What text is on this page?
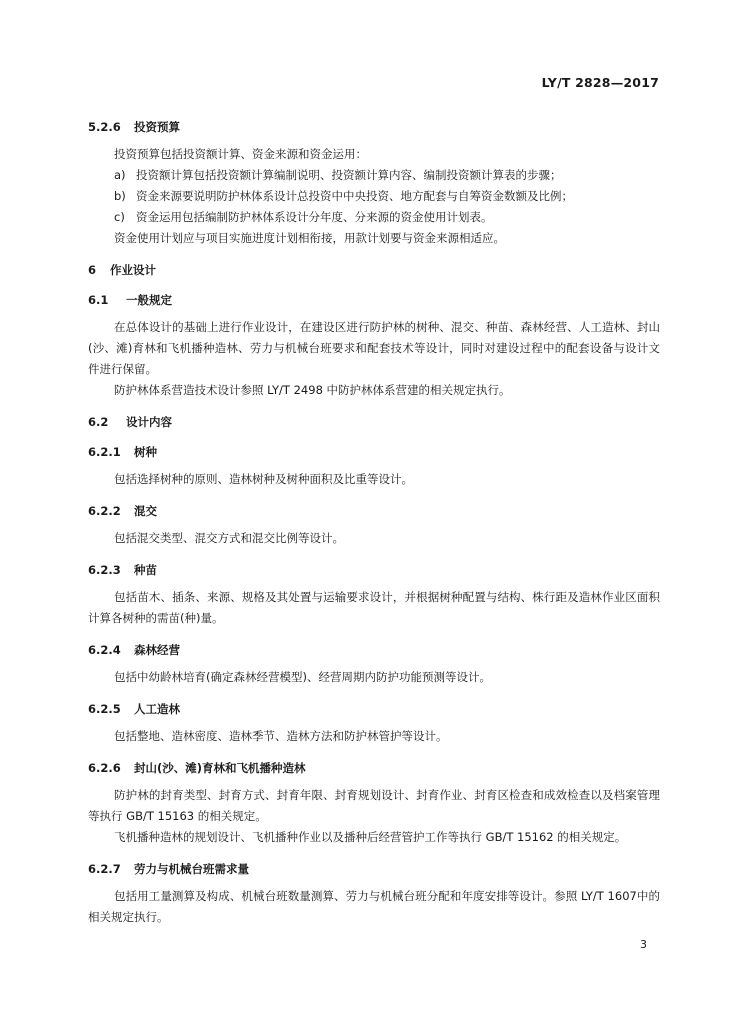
LY/T 2828—2017
5.2.6	投资预算

投资预算包括投资额计算、资金来源和资金运用：

a) 投资额计算包括投资额计算编制说明、投资额计算内容、编制投资额计算表的步骤；
b) 资金来源要说明防护林体系设计总投资中中央投资、地方配套与自筹资金数额及比例；
c) 资金运用包括编制防护林体系设计分年度、分来源的资金使用计划表。

资金使用计划应与项目实施进度计划相衔接，用款计划要与资金来源相适应。

6	作业设计
6.1	一般规定

在总体设计的基础上进行作业设计，在建设区进行防护林的树种、混交、种苗、森林经营、人工造林、封山(沙、滩)育林和飞机播种造林、劳力与机械台班要求和配套技术等设计，同时对建设过程中的配套设备与设计文件进行保留。

防护林体系营造技术设计参照 LY/T 2498 中防护林体系营建的相关规定执行。

6.2	设计内容
6.2.1	树种

包括选择树种的原则、造林树种及树种面积及比重等设计。

6.2.2	混交

包括混交类型、混交方式和混交比例等设计。

6.2.3	种苗

包括苗木、插条、来源、规格及其处置与运输要求设计，并根据树种配置与结构、株行距及造林作业区面积计算各树种的需苗(种)量。

6.2.4	森林经营

包括中幼龄林培育(确定森林经营模型)、经营周期内防护功能预测等设计。

6.2.5	人工造林

包括整地、造林密度、造林季节、造林方法和防护林管护等设计。

6.2.6	封山(沙、滩)育林和飞机播种造林

防护林的封育类型、封育方式、封育年限、封育规划设计、封育作业、封育区检查和成效检查以及档案管理等执行 GB/T 15163 的相关规定。

飞机播种造林的规划设计、飞机播种作业以及播种后经营管护工作等执行 GB/T 15162 的相关规定。

6.2.7	劳力与机械台班需求量

包括用工量测算及构成、机械台班数量测算、劳力与机械台班分配和年度安排等设计。参照 LY/T 1607中的相关规定执行。

3
